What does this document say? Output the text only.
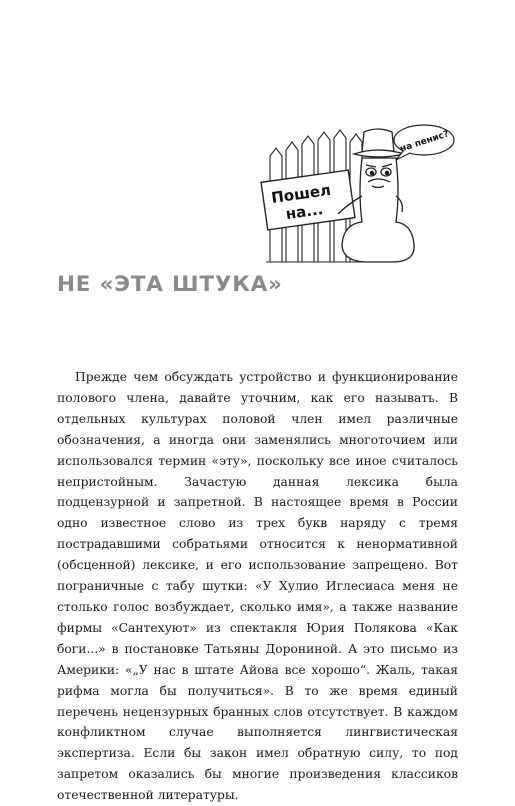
Пошел
на...
на пенис?
НЕ «ЭТА ШТУКА»

Прежде чем обсуждать устройство и функционирование полового члена, давайте уточним, как его называть. В отдельных культурах половой член имел различные обозначения, а иногда они заменялись многоточием или использовался термин «эту», поскольку все иное считалось непристойным. Зачастую данная лексика была подцензурной и запретной. В настоящее время в России одно известное слово из трех букв наряду с тремя пострадавшими собратьями относится к ненормативной (обсценной) лексике, и его использование запрещено. Вот пограничные с табу шутки: «У Хулио Иглесиаса меня не столько голос возбуждает, сколько имя», а также название фирмы «Сантехуют» из спектакля Юрия Полякова «Как боги...» в постановке Татьяны Дорониной. А это письмо из Америки: «„У нас в штате Айова все хорошо“. Жаль, такая рифма могла бы получиться». В то же время единый перечень нецензурных бранных слов отсутствует. В каждом конфликтном случае выполняется лингвистическая экспертиза. Если бы закон имел обратную силу, то под запретом оказались бы многие произведения классиков отечественной литературы.
